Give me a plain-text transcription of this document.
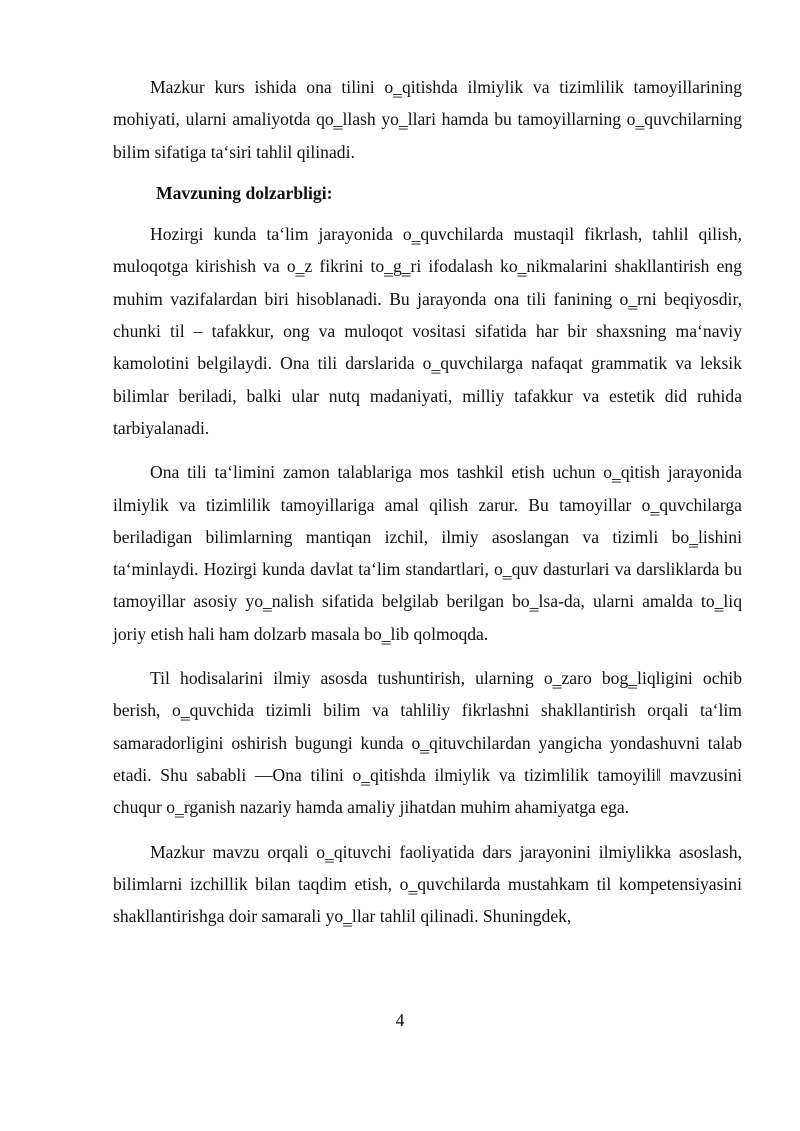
Mazkur kurs ishida ona tilini o‗qitishda ilmiylik va tizimlilik tamoyillarining mohiyati, ularni amaliyotda qo‗llash yo‗llari hamda bu tamoyillarning o‗quvchilarning bilim sifatiga ta‘siri tahlil qilinadi.

Mavzuning dolzarbligi:

Hozirgi kunda ta‘lim jarayonida o‗quvchilarda mustaqil fikrlash, tahlil qilish, muloqotga kirishish va o‗z fikrini to‗g‗ri ifodalash ko‗nikmalarini shakllantirish eng muhim vazifalardan biri hisoblanadi. Bu jarayonda ona tili fanining o‗rni beqiyosdir, chunki til – tafakkur, ong va muloqot vositasi sifatida har bir shaxsning ma‘naviy kamolotini belgilaydi. Ona tili darslarida o‗quvchilarga nafaqat grammatik va leksik bilimlar beriladi, balki ular nutq madaniyati, milliy tafakkur va estetik did ruhida tarbiyalanadi.

Ona tili ta‘limini zamon talablariga mos tashkil etish uchun o‗qitish jarayonida ilmiylik va tizimlilik tamoyillariga amal qilish zarur. Bu tamoyillar o‗quvchilarga beriladigan bilimlarning mantiqan izchil, ilmiy asoslangan va tizimli bo‗lishini ta‘minlaydi. Hozirgi kunda davlat ta‘lim standartlari, o‗quv dasturlari va darsliklarda bu tamoyillar asosiy yo‗nalish sifatida belgilab berilgan bo‗lsa-da, ularni amalda to‗liq joriy etish hali ham dolzarb masala bo‗lib qolmoqda.

Til hodisalarini ilmiy asosda tushuntirish, ularning o‗zaro bog‗liqligini ochib berish, o‗quvchida tizimli bilim va tahliliy fikrlashni shakllantirish orqali ta‘lim samaradorligini oshirish bugungi kunda o‗qituvchilardan yangicha yondashuvni talab etadi. Shu sababli ―Ona tilini o‗qitishda ilmiylik va tizimlilik tamoyili‖ mavzusini chuqur o‗rganish nazariy hamda amaliy jihatdan muhim ahamiyatga ega.

Mazkur mavzu orqali o‗qituvchi faoliyatida dars jarayonini ilmiylikka asoslash, bilimlarni izchillik bilan taqdim etish, o‗quvchilarda mustahkam til kompetensiyasini shakllantirishga doir samarali yo‗llar tahlil qilinadi. Shuningdek,

4
